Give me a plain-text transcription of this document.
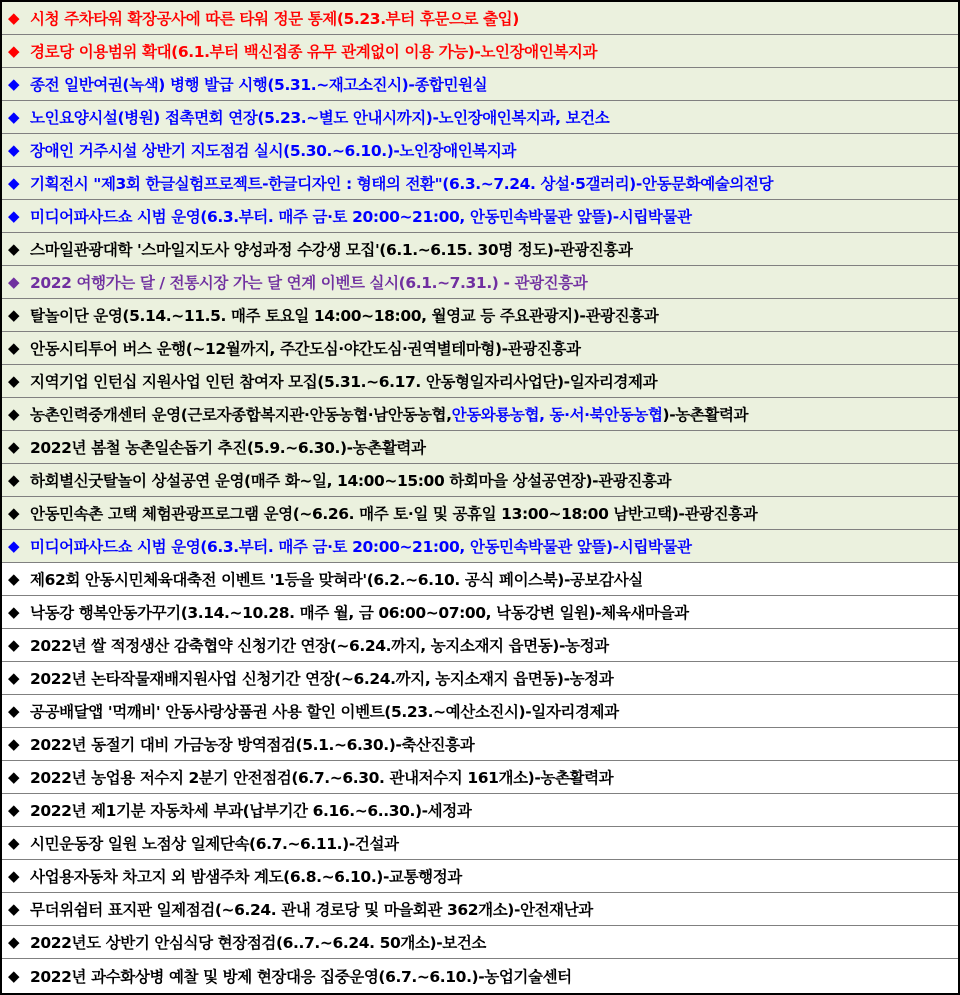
◆ 시청 주차타워 확장공사에 따른 타워 정문 통제(5.23.부터 후문으로 출입)
◆ 경로당 이용범위 확대(6.1.부터 백신접종 유무 관계없이 이용 가능)-노인장애인복지과
◆ 종전 일반여권(녹색) 병행 발급 시행(5.31.~재고소진시)-종합민원실
◆ 노인요양시설(병원) 접촉면회 연장(5.23.~별도 안내시까지)-노인장애인복지과, 보건소
◆ 장애인 거주시설 상반기 지도점검 실시(5.30.~6.10.)-노인장애인복지과
◆ 기획전시 "제3회 한글실험프로젝트-한글디자인 : 형태의 전환"(6.3.~7.24. 상설·5갤러리)-안동문화예술의전당
◆ 미디어파사드쇼 시범 운영(6.3.부터. 매주 금·토 20:00~21:00, 안동민속박물관 앞뜰)-시립박물관
◆ 스마일관광대학 '스마일지도사 양성과정 수강생 모집'(6.1.~6.15. 30명 정도)-관광진흥과
◆ 2022 여행가는 달 / 전통시장 가는 달 연계 이벤트 실시(6.1.~7.31.) - 관광진흥과
◆ 탈놀이단 운영(5.14.~11.5. 매주 토요일 14:00~18:00, 월영교 등 주요관광지)-관광진흥과
◆ 안동시티투어 버스 운행(~12월까지, 주간도심·야간도심·권역별테마형)-관광진흥과
◆ 지역기업 인턴십 지원사업 인턴 참여자 모집(5.31.~6.17. 안동형일자리사업단)-일자리경제과
◆ 농촌인력중개센터 운영(근로자종합복지관·안동농협·남안동농협, 안동와룡농협, 동·서·북안동농협 )-농촌활력과
◆ 2022년 봄철 농촌일손돕기 추진(5.9.~6.30.)-농촌활력과
◆ 하회별신굿탈놀이 상설공연 운영(매주 화~일, 14:00~15:00 하회마을 상설공연장)-관광진흥과
◆ 안동민속촌 고택 체험관광프로그램 운영(~6.26. 매주 토·일 및 공휴일 13:00~18:00 남반고택)-관광진흥과
◆ 미디어파사드쇼 시범 운영(6.3.부터. 매주 금·토 20:00~21:00, 안동민속박물관 앞뜰)-시립박물관
◆ 제62회 안동시민체육대축전 이벤트 '1등을 맞혀라'(6.2.~6.10. 공식 페이스북)-공보감사실
◆ 낙동강 행복안동가꾸기(3.14.~10.28. 매주 월, 금 06:00~07:00, 낙동강변 일원)-체육새마을과
◆ 2022년 쌀 적정생산 감축협약 신청기간 연장(~6.24.까지, 농지소재지 읍면동)-농정과
◆ 2022년 논타작물재배지원사업 신청기간 연장(~6.24.까지, 농지소재지 읍면동)-농정과
◆ 공공배달앱 '먹깨비' 안동사랑상품권 사용 할인 이벤트(5.23.~예산소진시)-일자리경제과
◆ 2022년 동절기 대비 가금농장 방역점검(5.1.~6.30.)-축산진흥과
◆ 2022년 농업용 저수지 2분기 안전점검(6.7.~6.30. 관내저수지 161개소)-농촌활력과
◆ 2022년 제1기분 자동차세 부과(납부기간 6.16.~6..30.)-세정과
◆ 시민운동장 일원 노점상 일제단속(6.7.~6.11.)-건설과
◆ 사업용자동차 차고지 외 밤샘주차 계도(6.8.~6.10.)-교통행정과
◆ 무더위쉼터 표지판 일제점검(~6.24. 관내 경로당 및 마을회관 362개소)-안전재난과
◆ 2022년도 상반기 안심식당 현장점검(6..7.~6.24. 50개소)-보건소
◆ 2022년 과수화상병 예찰 및 방제 현장대응 집중운영(6.7.~6.10.)-농업기술센터
